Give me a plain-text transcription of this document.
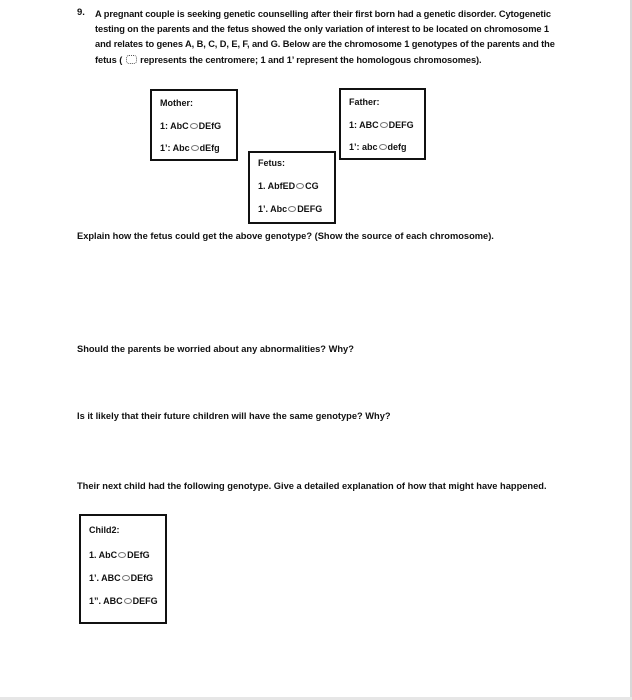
9. A pregnant couple is seeking genetic counselling after their first born had a genetic disorder. Cytogenetic testing on the parents and the fetus showed the only variation of interest to be located on chromosome 1 and relates to genes A, B, C, D, E, F, and G. Below are the chromosome 1 genotypes of the parents and the fetus ( represents the centromere; 1 and 1’ represent the homologous chromosomes).
Mother:
1: AbC DEfG
1’: Abc dEfg
Father:
1: ABC DEFG
1’: abc defg
Fetus:
1. AbfED CG
1’. Abc DEFG
Explain how the fetus could get the above genotype? (Show the source of each chromosome).
Should the parents be worried about any abnormalities? Why?
Is it likely that their future children will have the same genotype? Why?
Their next child had the following genotype. Give a detailed explanation of how that might have happened.
Child2:
1. AbC DEfG
1’. ABC DEfG
1”. ABC DEFG
